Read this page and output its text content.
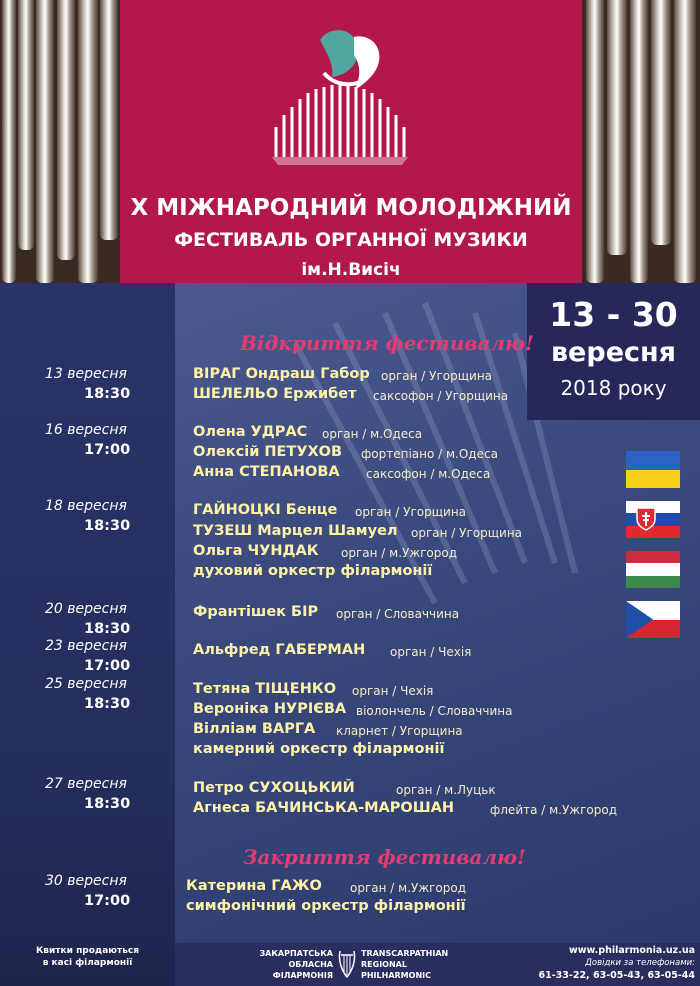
X МІЖНАРОДНИЙ МОЛОДІЖНИЙ
ФЕСТИВАЛЬ ОРГАННОЇ МУЗИКИ
ім.Н.Висіч
13 - 30
вересня
2018 року
Відкриття фестивалю!
Закриття фестивалю!
13 вересня
18:30
16 вересня
17:00
18 вересня
18:30
20 вересня
18:30
23 вересня
17:00
25 вересня
18:30
27 вересня
18:30
30 вересня
17:00
ВІРАГ Ондраш Габор орган / Угорщина
ШЕЛЕЛЬО Ержибет саксофон / Угорщина
Олена УДРАС орган / м.Одеса
Олексій ПЕТУХОВ фортепіано / м.Одеса
Анна СТЕПАНОВА саксофон / м.Одеса
ГАЙНОЦКІ Бенце орган / Угорщина
ТУЗЕШ Марцел Шамуел орган / Угорщина
Ольга ЧУНДАК орган / м.Ужгород
духовий оркестр філармонії
Франтішек БІР орган / Словаччина
Альфред ГАБЕРМАН орган / Чехія
Тетяна ТІЩЕНКО орган / Чехія
Вероніка НУРІЄВА віолончель / Словаччина
Вілліам ВАРГА кларнет / Угорщина
камерний оркестр філармонії
Петро СУХОЦЬКИЙ	орган / м.Луцьк
Агнеса БАЧИНСЬКА-МАРОШАН	флейта / м.Ужгород
Катерина ГАЖО орган / м.Ужгород
симфонічний оркестр філармонії
Квитки продаються
в касі філармонії
ЗАКАРПАТСЬКА
ОБЛАСНА
ФІЛАРМОНІЯ
TRANSCARPATHIAN
REGIONAL
PHILHARMONIC
www.philarmonia.uz.ua
Довідки за телефонами:
61-33-22, 63-05-43, 63-05-44
